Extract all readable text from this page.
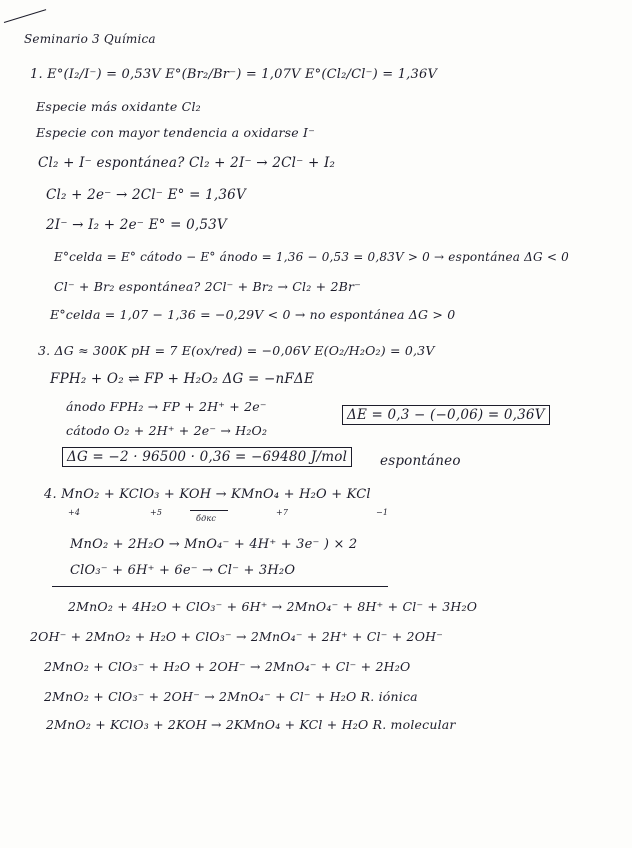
Seminario 3 Química
1. E°(I₂/I⁻) = 0,53V E°(Br₂/Br⁻) = 1,07V E°(Cl₂/Cl⁻) = 1,36V
Especie más oxidante Cl₂
Especie con mayor tendencia a oxidarse I⁻
Cl₂ + I⁻ espontánea? Cl₂ + 2I⁻ → 2Cl⁻ + I₂
Cl₂ + 2e⁻ → 2Cl⁻ E° = 1,36V
2I⁻ → I₂ + 2e⁻ E° = 0,53V
E°celda = E° cátodo − E° ánodo = 1,36 − 0,53 = 0,83V > 0 → espontánea ΔG < 0
Cl⁻ + Br₂ espontánea? 2Cl⁻ + Br₂ → Cl₂ + 2Br⁻
E°celda = 1,07 − 1,36 = −0,29V < 0 → no espontánea ΔG > 0
3. ΔG ≈ 300K pH = 7 E(ox/red) = −0,06V E(O₂/H₂O₂) = 0,3V
FPH₂ + O₂ ⇌ FP + H₂O₂ ΔG = −nFΔE
ánodo FPH₂ → FP + 2H⁺ + 2e⁻
ΔE = 0,3 − (−0,06) = 0,36V
cátodo O₂ + 2H⁺ + 2e⁻ → H₂O₂
ΔG = −2 · 96500 · 0,36 = −69480 J/mol	espontáneo
4. MnO₂ + KClO₃ + KOH → KMnO₄ + H₂O + KCl
+4	+5
бдкс
+7	−1
MnO₂ + 2H₂O → MnO₄⁻ + 4H⁺ + 3e⁻ ) × 2
ClO₃⁻ + 6H⁺ + 6e⁻ → Cl⁻ + 3H₂O
2MnO₂ + 4H₂O + ClO₃⁻ + 6H⁺ → 2MnO₄⁻ + 8H⁺ + Cl⁻ + 3H₂O
2OH⁻ + 2MnO₂ + H₂O + ClO₃⁻ → 2MnO₄⁻ + 2H⁺ + Cl⁻ + 2OH⁻
2MnO₂ + ClO₃⁻ + H₂O + 2OH⁻ → 2MnO₄⁻ + Cl⁻ + 2H₂O
2MnO₂ + ClO₃⁻ + 2OH⁻ → 2MnO₄⁻ + Cl⁻ + H₂O R. iónica
2MnO₂ + KClO₃ + 2KOH → 2KMnO₄ + KCl + H₂O R. molecular
